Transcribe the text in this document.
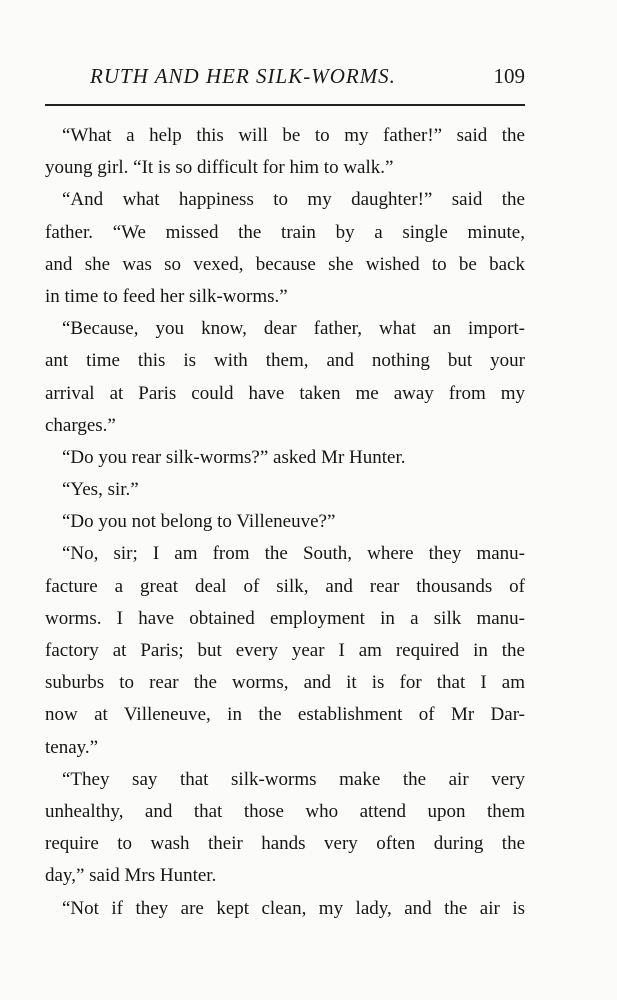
RUTH AND HER SILK-WORMS.	109
“What a help this will be to my father!” said the
young girl. “It is so difficult for him to walk.”
“And what happiness to my daughter!” said the
father. “We missed the train by a single minute,
and she was so vexed, because she wished to be back
in time to feed her silk-worms.”
“Because, you know, dear father, what an import-
ant time this is with them, and nothing but your
arrival at Paris could have taken me away from my
charges.”
“Do you rear silk-worms?” asked Mr Hunter.
“Yes, sir.”
“Do you not belong to Villeneuve?”
“No, sir; I am from the South, where they manu-
facture a great deal of silk, and rear thousands of
worms. I have obtained employment in a silk manu-
factory at Paris; but every year I am required in the
suburbs to rear the worms, and it is for that I am
now at Villeneuve, in the establishment of Mr Dar-
tenay.”
“They say that silk-worms make the air very
unhealthy, and that those who attend upon them
require to wash their hands very often during the
day,” said Mrs Hunter.
“Not if they are kept clean, my lady, and the air is
